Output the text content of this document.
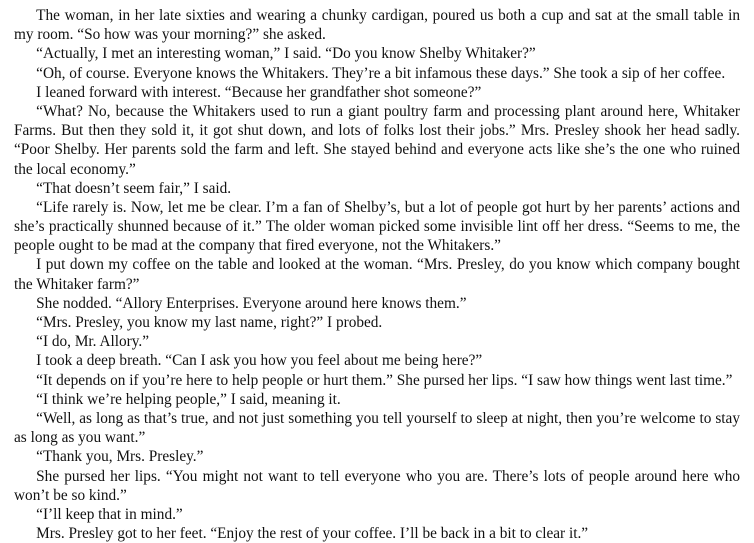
The woman, in her late sixties and wearing a chunky cardigan, poured us both a cup and sat at the small table in my room. “So how was your morning?” she asked.

“Actually, I met an interesting woman,” I said. “Do you know Shelby Whitaker?”

“Oh, of course. Everyone knows the Whitakers. They’re a bit infamous these days.” She took a sip of her coffee.

I leaned forward with interest. “Because her grandfather shot someone?”

“What? No, because the Whitakers used to run a giant poultry farm and processing plant around here, Whitaker Farms. But then they sold it, it got shut down, and lots of folks lost their jobs.” Mrs. Presley shook her head sadly. “Poor Shelby. Her parents sold the farm and left. She stayed behind and everyone acts like she’s the one who ruined the local economy.”

“That doesn’t seem fair,” I said.

“Life rarely is. Now, let me be clear. I’m a fan of Shelby’s, but a lot of people got hurt by her parents’ actions and she’s practically shunned because of it.” The older woman picked some invisible lint off her dress. “Seems to me, the people ought to be mad at the company that fired everyone, not the Whitakers.”

I put down my coffee on the table and looked at the woman. “Mrs. Presley, do you know which company bought the Whitaker farm?”

She nodded. “Allory Enterprises. Everyone around here knows them.”

“Mrs. Presley, you know my last name, right?” I probed.

“I do, Mr. Allory.”

I took a deep breath. “Can I ask you how you feel about me being here?”

“It depends on if you’re here to help people or hurt them.” She pursed her lips. “I saw how things went last time.”

“I think we’re helping people,” I said, meaning it.

“Well, as long as that’s true, and not just something you tell yourself to sleep at night, then you’re welcome to stay as long as you want.”

“Thank you, Mrs. Presley.”

She pursed her lips. “You might not want to tell everyone who you are. There’s lots of people around here who won’t be so kind.”

“I’ll keep that in mind.”

Mrs. Presley got to her feet. “Enjoy the rest of your coffee. I’ll be back in a bit to clear it.”
